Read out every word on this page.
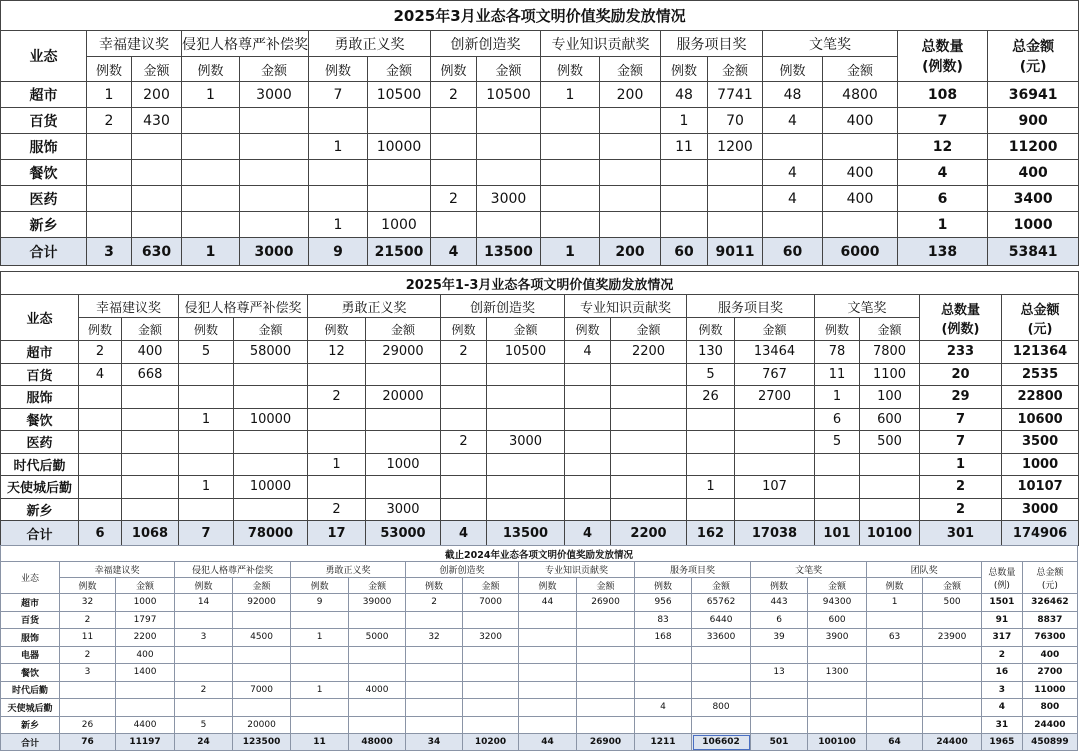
2025年3月业态各项文明价值奖励发放情况																
业态	幸福建议奖		侵犯人格尊严补偿奖		勇敢正义奖		创新创造奖		专业知识贡献奖		服务项目奖		文笔奖		总数量
(例数)	总金额
(元)
	例数	金额	例数	金额	例数	金额	例数	金额	例数	金额	例数	金额	例数	金额		
超市	1	200	1	3000	7	10500	2	10500	1	200	48	7741	48	4800	108	36941
百货	2	430									1	70	4	400	7	900
服饰					1	10000					11	1200			12	11200
餐饮													4	400	4	400
医药							2	3000					4	400	6	3400
新乡					1	1000									1	1000
合计	3	630	1	3000	9	21500	4	13500	1	200	60	9011	60	6000	138	53841
2025年1-3月业态各项文明价值奖励发放情况																
业态	幸福建议奖		侵犯人格尊严补偿奖		勇敢正义奖		创新创造奖		专业知识贡献奖		服务项目奖		文笔奖		总数量
(例数)	总金额
(元)
	例数	金额	例数	金额	例数	金额	例数	金额	例数	金额	例数	金额	例数	金额		
超市	2	400	5	58000	12	29000	2	10500	4	2200	130	13464	78	7800	233	121364
百货	4	668									5	767	11	1100	20	2535
服饰					2	20000					26	2700	1	100	29	22800
餐饮			1	10000									6	600	7	10600
医药							2	3000					5	500	7	3500
时代后勤					1	1000									1	1000
天使城后勤			1	10000							1	107			2	10107
新乡					2	3000									2	3000
合计	6	1068	7	78000	17	53000	4	13500	4	2200	162	17038	101	10100	301	174906
截止2024年业态各项文明价值奖励发放情况																		
业态	幸福建议奖		侵犯人格尊严补偿奖		勇敢正义奖		创新创造奖		专业知识贡献奖		服务项目奖		文笔奖		团队奖		总数量
(例)	总金额
(元)
	例数	金额	例数	金额	例数	金额	例数	金额	例数	金额	例数	金额	例数	金额	例数	金额		
超市	32	1000	14	92000	9	39000	2	7000	44	26900	956	65762	443	94300	1	500	1501	326462
百货	2	1797									83	6440	6	600			91	8837
服饰	11	2200	3	4500	1	5000	32	3200			168	33600	39	3900	63	23900	317	76300
电器	2	400															2	400
餐饮	3	1400											13	1300			16	2700
时代后勤			2	7000	1	4000											3	11000
天使城后勤											4	800					4	800
新乡	26	4400	5	20000													31	24400
合计	76	11197	24	123500	11	48000	34	10200	44	26900	1211	106602	501	100100	64	24400	1965	450899
